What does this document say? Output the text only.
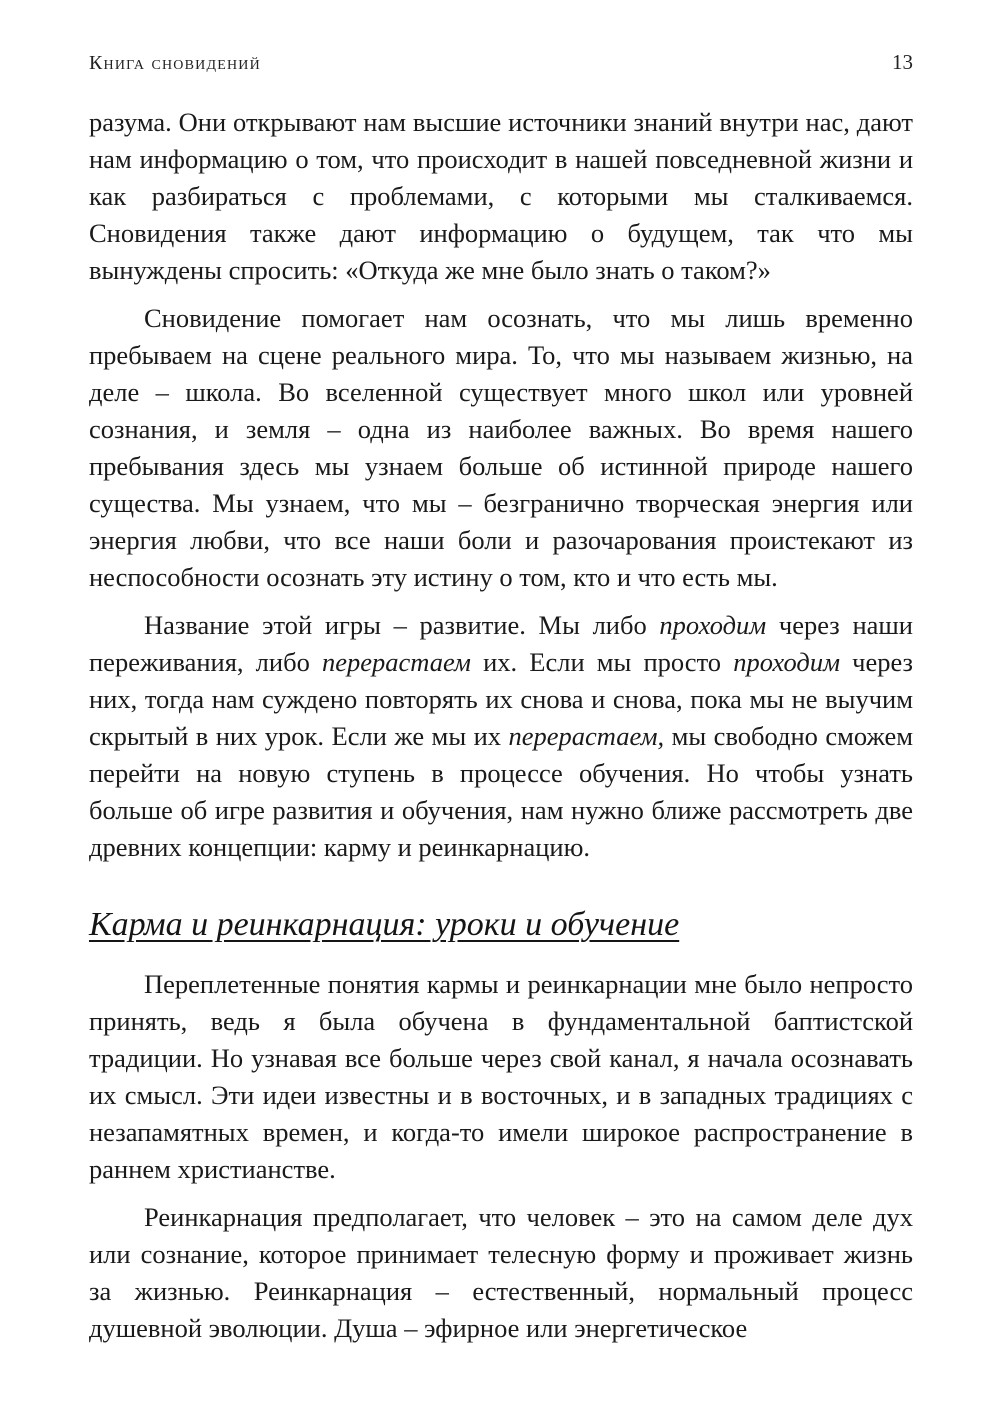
Книга сновидений	13

разума. Они открывают нам высшие источники знаний внутри нас, дают нам информацию о том, что происходит в нашей повседневной жизни и как разбираться с проблемами, с которыми мы сталкиваемся. Сновидения также дают информацию о будущем, так что мы вынуждены спросить: «Откуда же мне было знать о таком?»

Сновидение помогает нам осознать, что мы лишь временно пребываем на сцене реального мира. То, что мы называем жизнью, на деле – школа. Во вселенной существует много школ или уровней сознания, и земля – одна из наиболее важных. Во время нашего пребывания здесь мы узнаем больше об истинной природе нашего существа. Мы узнаем, что мы – безгранично творческая энергия или энергия любви, что все наши боли и разочарования проистекают из неспособности осознать эту истину о том, кто и что есть мы.

Название этой игры – развитие. Мы либо проходим через наши переживания, либо перерастаем их. Если мы просто проходим через них, тогда нам суждено повторять их снова и снова, пока мы не выучим скрытый в них урок. Если же мы их перерастаем, мы свободно сможем перейти на новую ступень в процессе обучения. Но чтобы узнать больше об игре развития и обучения, нам нужно ближе рассмотреть две древних концепции: карму и реинкарнацию.

Карма и реинкарнация: уроки и обучение

Переплетенные понятия кармы и реинкарнации мне было непросто принять, ведь я была обучена в фундаментальной баптистской традиции. Но узнавая все больше через свой канал, я начала осознавать их смысл. Эти идеи известны и в восточных, и в западных традициях с незапамятных времен, и когда-то имели широкое распространение в раннем христианстве.

Реинкарнация предполагает, что человек – это на самом деле дух или сознание, которое принимает телесную форму и проживает жизнь за жизнью. Реинкарнация – естественный, нормальный процесс душевной эволюции. Душа – эфирное или энергетическое
